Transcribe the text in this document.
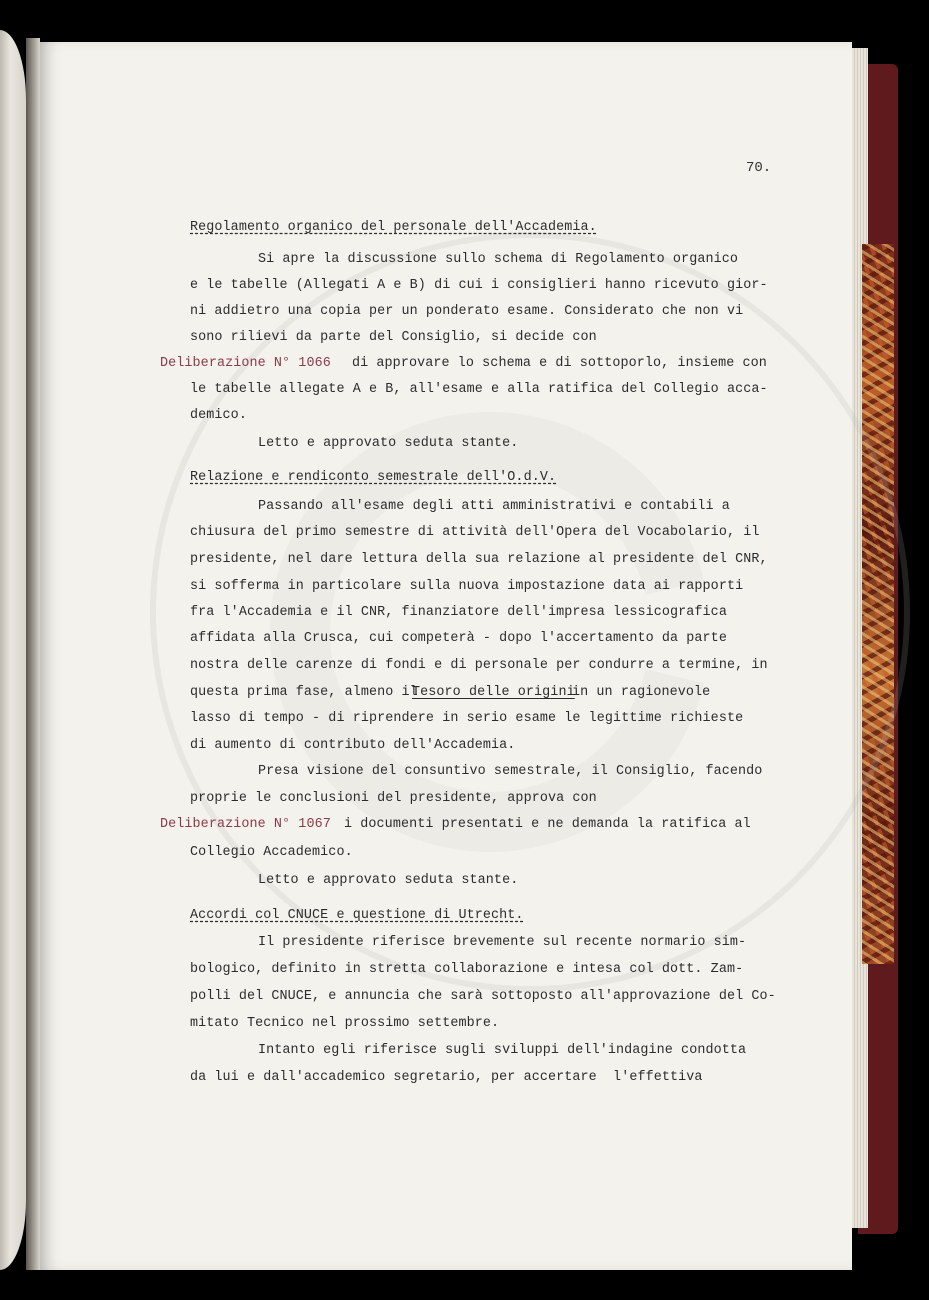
70.
Regolamento organico del personale dell'Accademia.
Si apre la discussione sullo schema di Regolamento organico
e le tabelle (Allegati A e B) di cui i consiglieri hanno ricevuto gior-
ni addietro una copia per un ponderato esame. Considerato che non vi
sono rilievi da parte del Consiglio, si decide con
Deliberazione N° 1066 di approvare lo schema e di sottoporlo, insieme con
le tabelle allegate A e B, all'esame e alla ratifica del Collegio acca-
demico.
Letto e approvato seduta stante.
Relazione e rendiconto semestrale dell'O.d.V.
Passando all'esame degli atti amministrativi e contabili a
chiusura del primo semestre di attività dell'Opera del Vocabolario, il
presidente, nel dare lettura della sua relazione al presidente del CNR,
si sofferma in particolare sulla nuova impostazione data ai rapporti
fra l'Accademia e il CNR, finanziatore dell'impresa lessicografica
affidata alla Crusca, cui competerà - dopo l'accertamento da parte
nostra delle carenze di fondi e di personale per condurre a termine, in
questa prima fase, almeno il
Tesoro delle origini
in un ragionevole
lasso di tempo - di riprendere in serio esame le legittime richieste
di aumento di contributo dell'Accademia.
Presa visione del consuntivo semestrale, il Consiglio, facendo
proprie le conclusioni del presidente, approva con
Deliberazione N° 1067 i documenti presentati e ne demanda la ratifica al
Collegio Accademico.
Letto e approvato seduta stante.
Accordi col CNUCE e questione di Utrecht.
Il presidente riferisce brevemente sul recente normario sim-
bologico, definito in stretta collaborazione e intesa col dott. Zam-
polli del CNUCE, e annuncia che sarà sottoposto all'approvazione del Co-
mitato Tecnico nel prossimo settembre.
Intanto egli riferisce sugli sviluppi dell'indagine condotta
da lui e dall'accademico segretario, per accertare  l'effettiva
